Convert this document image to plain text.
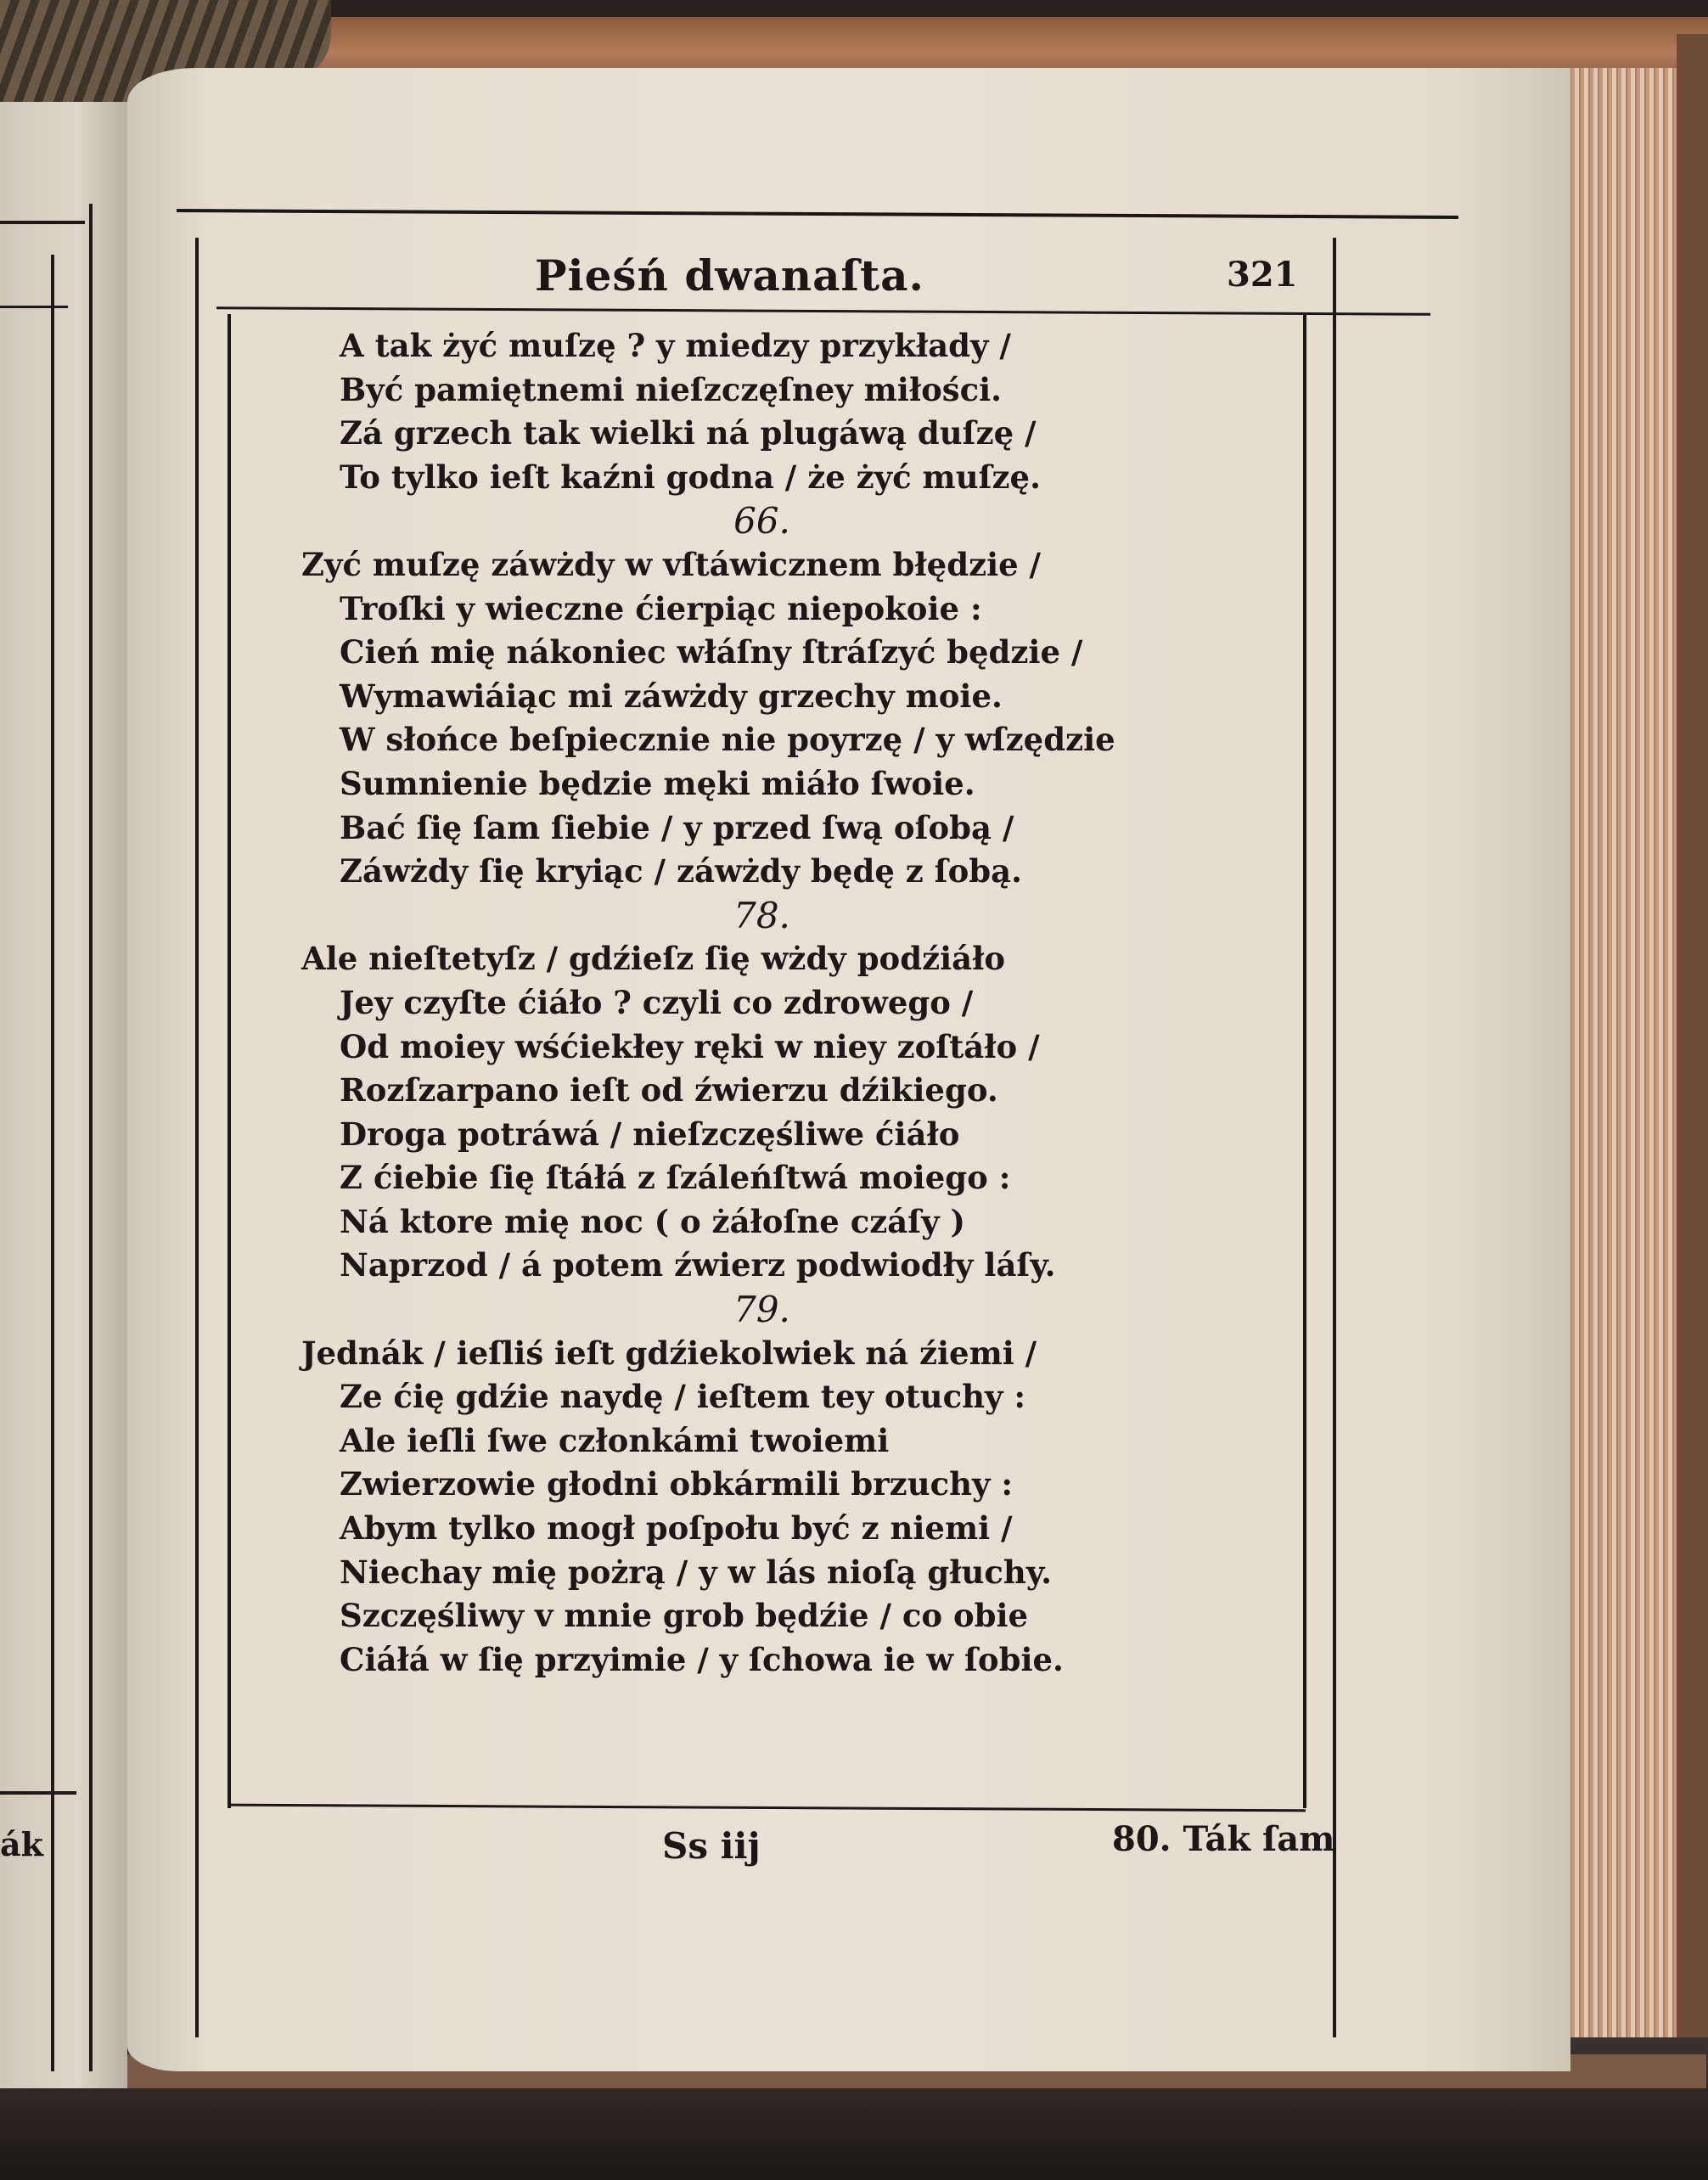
ák
Pieśń dwanaſta.	321
A tak żyć muſzę ? y miedzy przykłady /
Być pamiętnemi nieſzczęſney miłości.
Zá grzech tak wielki ná plugáwą duſzę /
To tylko ieſt kaźni godna / że żyć muſzę.
66.
Zyć muſzę záwżdy w vſtáwicznem błędzie /
Troſki y wieczne ćierpiąc niepokoie :
Cień mię nákoniec włáſny ſtráſzyć będzie /
Wymawiáiąc mi záwżdy grzechy moie.
W słońce beſpiecznie nie poyrzę / y wſzędzie
Sumnienie będzie męki miáło ſwoie.
Bać ſię ſam ſiebie / y przed ſwą oſobą /
Záwżdy ſię kryiąc / záwżdy będę z ſobą.
78.
Ale nieſtetyſz / gdźieſz ſię wżdy podźiáło
Jey czyſte ćiáło ? czyli co zdrowego /
Od moiey wśćiekłey ręki w niey zoſtáło /
Rozſzarpano ieſt od źwierzu dźikiego.
Droga potráwá / nieſzczęśliwe ćiáło
Z ćiebie ſię ſtáłá z ſzáleńſtwá moiego :
Ná ktore mię noc ( o żáłoſne czáſy )
Naprzod / á potem źwierz podwiodły láſy.
79.
Jednák / ieſliś ieſt gdźiekolwiek ná źiemi /
Ze ćię gdźie naydę / ieſtem tey otuchy :
Ale ieſli ſwe członkámi twoiemi
Zwierzowie głodni obkármili brzuchy :
Abym tylko mogł poſpołu być z niemi /
Niechay mię pożrą / y w lás nioſą głuchy.
Szczęśliwy v mnie grob będźie / co obie
Ciáłá w ſię przyimie / y ſchowa ie w ſobie.
Ss iij	80. Ták ſam
